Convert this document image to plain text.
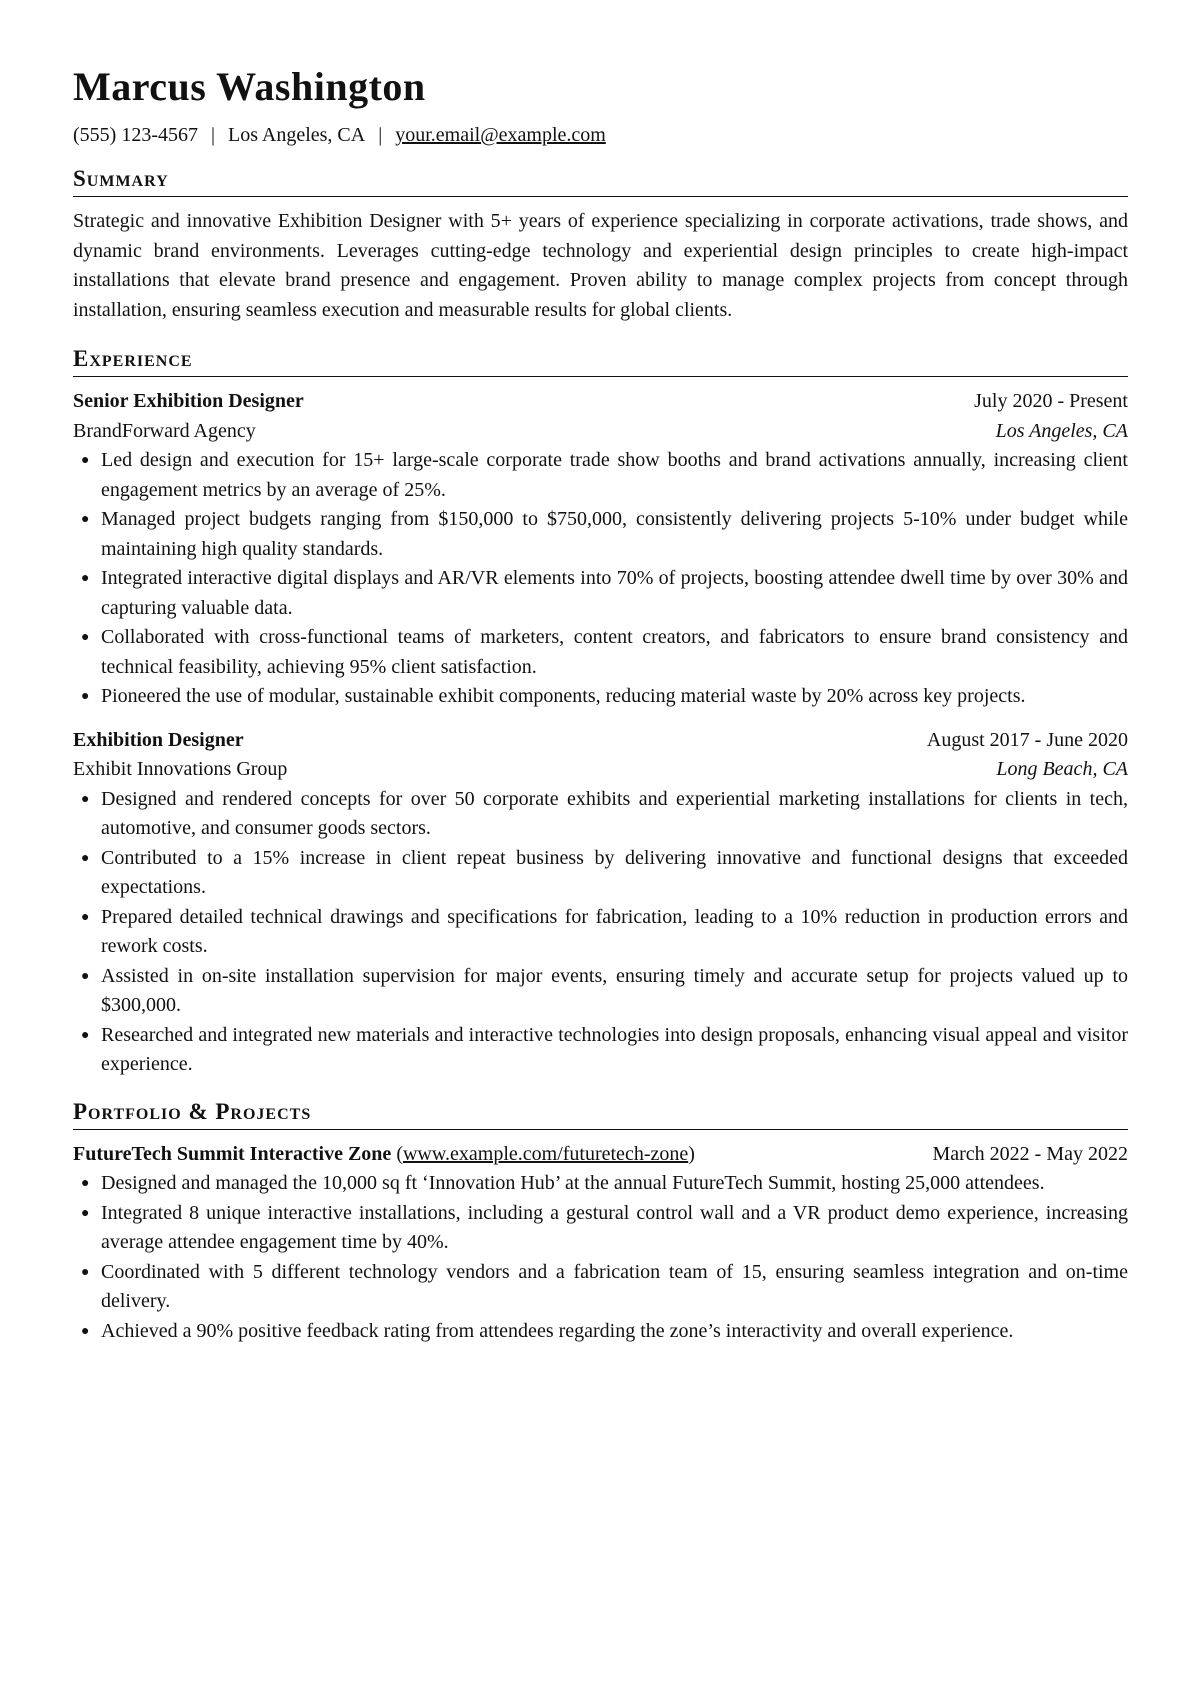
Marcus Washington
(555) 123-4567 | Los Angeles, CA | your.email@example.com
Summary

Strategic and innovative Exhibition Designer with 5+ years of experience specializing in corporate activations, trade shows, and dynamic brand environments. Leverages cutting-edge technology and experiential design principles to create high-impact installations that elevate brand presence and engagement. Proven ability to manage complex projects from concept through installation, ensuring seamless execution and measurable results for global clients.

Experience
Senior Exhibition Designer	July 2020 - Present
BrandForward Agency	Los Angeles, CA
● Led design and execution for 15+ large-scale corporate trade show booths and brand activations annually, increasing client engagement metrics by an average of 25%.
● Managed project budgets ranging from $150,000 to $750,000, consistently delivering projects 5-10% under budget while maintaining high quality standards.
● Integrated interactive digital displays and AR/VR elements into 70% of projects, boosting attendee dwell time by over 30% and capturing valuable data.
● Collaborated with cross-functional teams of marketers, content creators, and fabricators to ensure brand consistency and technical feasibility, achieving 95% client satisfaction.
● Pioneered the use of modular, sustainable exhibit components, reducing material waste by 20% across key projects.
Exhibition Designer	August 2017 - June 2020
Exhibit Innovations Group	Long Beach, CA
● Designed and rendered concepts for over 50 corporate exhibits and experiential marketing installations for clients in tech, automotive, and consumer goods sectors.
● Contributed to a 15% increase in client repeat business by delivering innovative and functional designs that exceeded expectations.
● Prepared detailed technical drawings and specifications for fabrication, leading to a 10% reduction in production errors and rework costs.
● Assisted in on-site installation supervision for major events, ensuring timely and accurate setup for projects valued up to $300,000.
● Researched and integrated new materials and interactive technologies into design proposals, enhancing visual appeal and visitor experience.
Portfolio & Projects
FutureTech Summit Interactive Zone (www.example.com/futuretech-zone)	March 2022 - May 2022
● Designed and managed the 10,000 sq ft ‘Innovation Hub’ at the annual FutureTech Summit, hosting 25,000 attendees.
● Integrated 8 unique interactive installations, including a gestural control wall and a VR product demo experience, increasing average attendee engagement time by 40%.
● Coordinated with 5 different technology vendors and a fabrication team of 15, ensuring seamless integration and on-time delivery.
● Achieved a 90% positive feedback rating from attendees regarding the zone’s interactivity and overall experience.
